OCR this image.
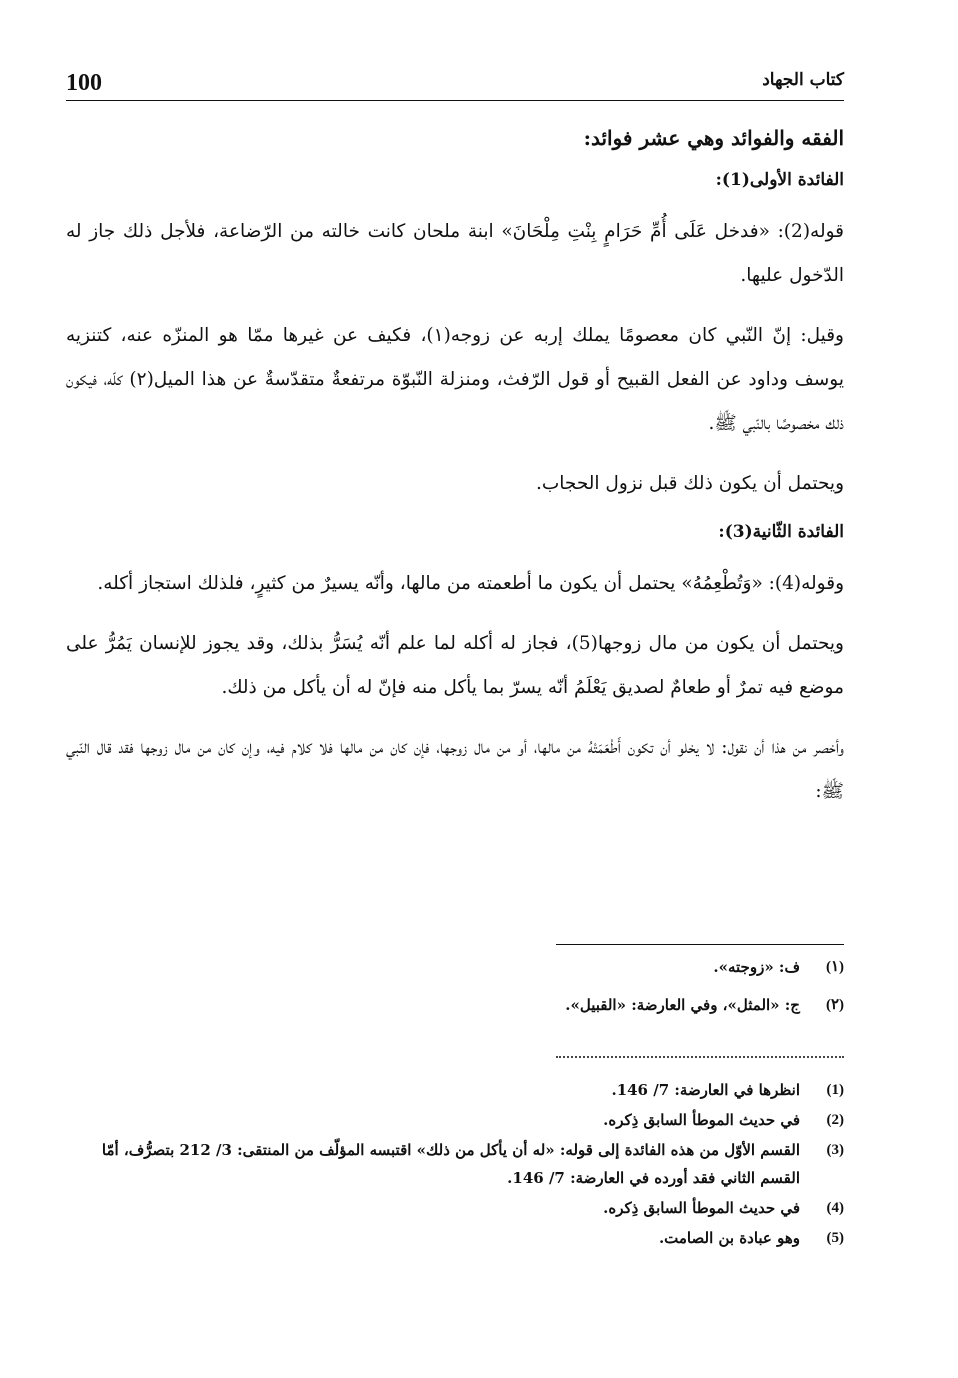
100	كتاب الجهاد
الفقه والفوائد وهي عشر فوائد:
الفائدة الأولى(1):

قوله(2): «فدخل عَلَى أُمِّ حَرَامٍ بِنْتِ مِلْحَانَ» ابنة ملحان كانت خالته من الرّضاعة، فلأجل ذلك جاز له الدّخول عليها.

وقيل: إنّ النّبي كان معصومًا يملك إربه عن زوجه(١)، فكيف عن غيرها ممّا هو المنزّه عنه، كتنزيه يوسف وداود عن الفعل القبيح أو قول الرّفث، ومنزلة النّبوّة مرتفعةٌ متقدّسةٌ عن هذا الميل(٢) كلّه، فيكون ذلك مخصوصًا بالنّبي ﷺ.

ويحتمل أن يكون ذلك قبل نزول الحجاب.

الفائدة الثّانية(3):

وقوله(4): «وَتُطْعِمُهُ» يحتمل أن يكون ما أطعمته من مالها، وأنّه يسيرٌ من كثيرٍ، فلذلك استجاز أكله.

ويحتمل أن يكون من مال زوجها(5)، فجاز له أكله لما علم أنّه يُسَرُّ بذلك، وقد يجوز للإنسان يَمُرُّ على موضع فيه تمرٌ أو طعامٌ لصديق يَعْلَمُ أنّه يسرّ بما يأكل منه فإنّ له أن يأكل من ذلك.

وأخصر من هذا أن نقول: لا يخلو أن تكون أَطْعَمَتْهُ من مالها، أو من مال زوجها، فإن كان من مالها فلا كلام فيه، وإن كان من مال زوجها فقد قال النّبي ﷺ:

(١)
ف: «زوجته».
(٢)
ج: «المثل»، وفي العارضة: «القبيل».
(1)
انظرها في العارضة: 7/ 146.
(2)
في حديث الموطأ السابق ذِكره.
(3)
القسم الأوّل من هذه الفائدة إلى قوله: «له أن يأكل من ذلك» اقتبسه المؤلّف من المنتقى: 3/ 212 بتصرُّف، أمّا القسم الثاني فقد أورده في العارضة: 7/ 146.
(4)
في حديث الموطأ السابق ذِكره.
(5)
وهو عبادة بن الصامت.
